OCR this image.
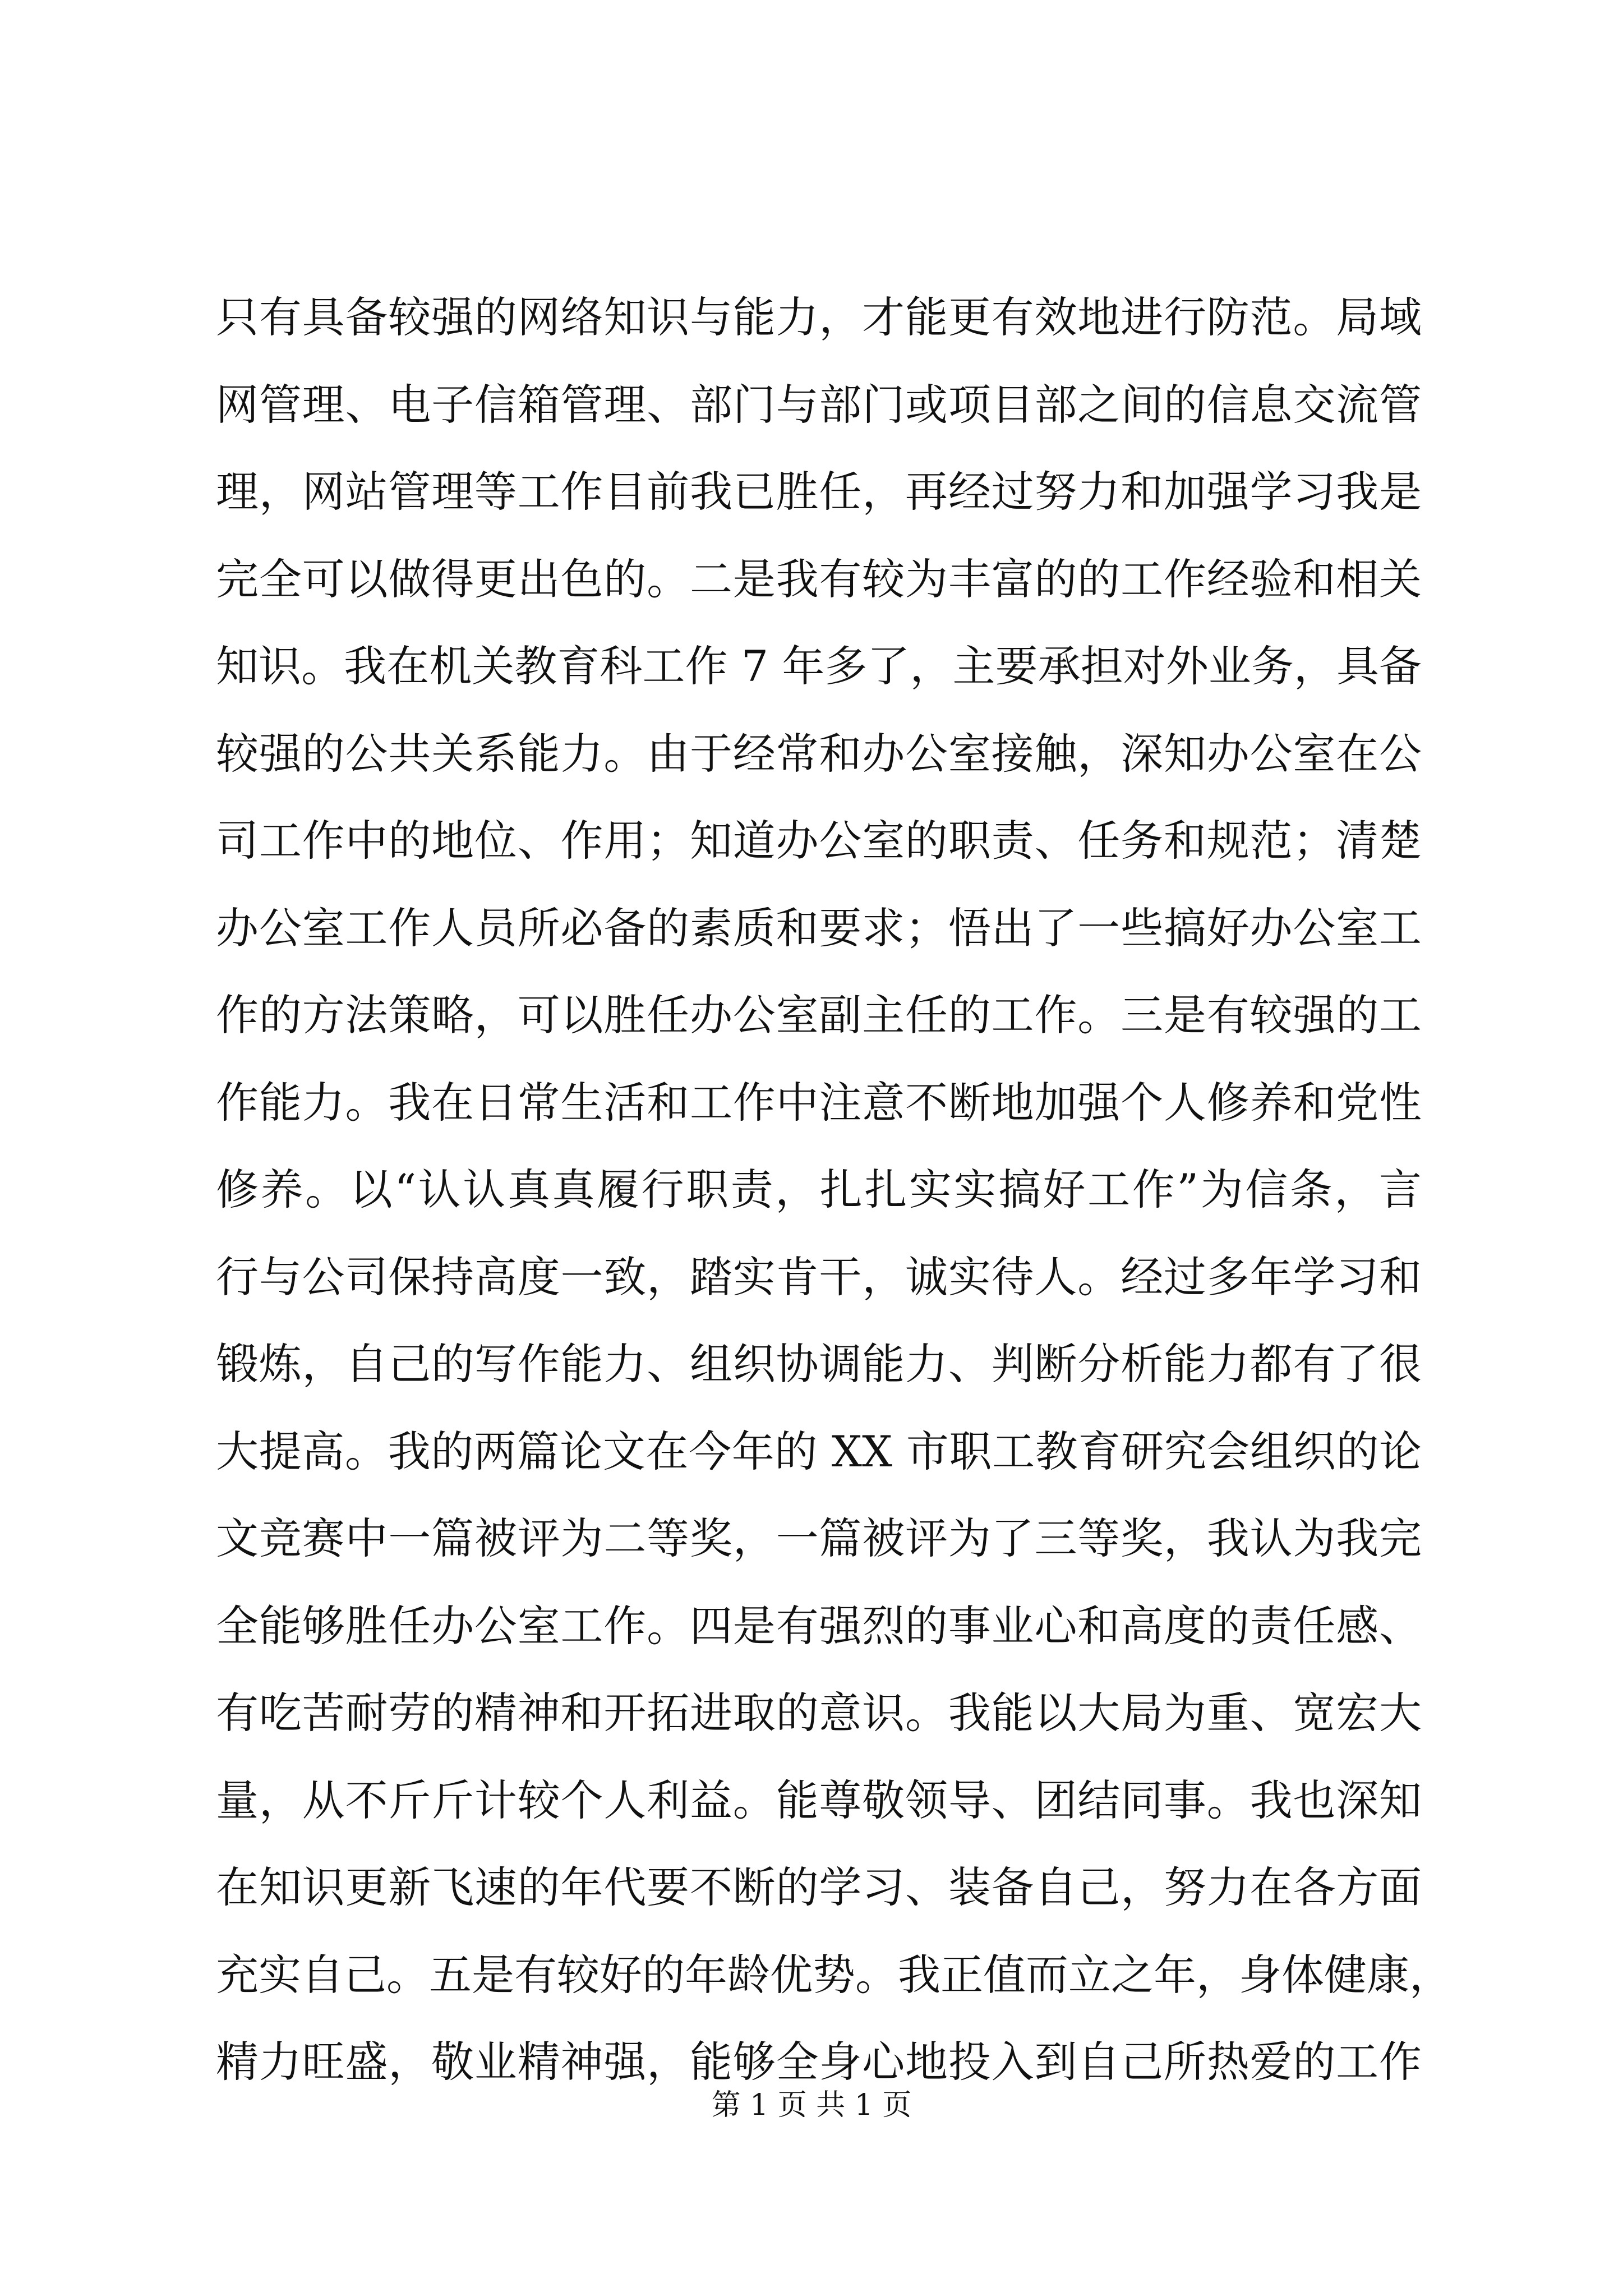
只有具备较强的网络知识与能力，才能更有效地进行防范。局域
网管理、电子信箱管理、部门与部门或项目部之间的信息交流管
理，网站管理等工作目前我已胜任，再经过努力和加强学习我是
完全可以做得更出色的。二是我有较为丰富的的工作经验和相关
知识。我在机关教育科工作 7 年多了，主要承担对外业务，具备
较强的公共关系能力。由于经常和办公室接触，深知办公室在公
司工作中的地位、作用；知道办公室的职责、任务和规范；清楚
办公室工作人员所必备的素质和要求；悟出了一些搞好办公室工
作的方法策略，可以胜任办公室副主任的工作。三是有较强的工
作能力。我在日常生活和工作中注意不断地加强个人修养和党性
修养。以“认认真真履行职责，扎扎实实搞好工作”为信条，言
行与公司保持高度一致，踏实肯干，诚实待人。经过多年学习和
锻炼，自己的写作能力、组织协调能力、判断分析能力都有了很
大提高。我的两篇论文在今年的 XX 市职工教育研究会组织的论
文竞赛中一篇被评为二等奖，一篇被评为了三等奖，我认为我完
全能够胜任办公室工作。四是有强烈的事业心和高度的责任感、
有吃苦耐劳的精神和开拓进取的意识。我能以大局为重、宽宏大
量，从不斤斤计较个人利益。能尊敬领导、团结同事。我也深知
在知识更新飞速的年代要不断的学习、装备自己，努力在各方面
充实自己。五是有较好的年龄优势。我正值而立之年，身体健康，
精力旺盛，敬业精神强，能够全身心地投入到自己所热爱的工作
第 1 页 共 1 页
